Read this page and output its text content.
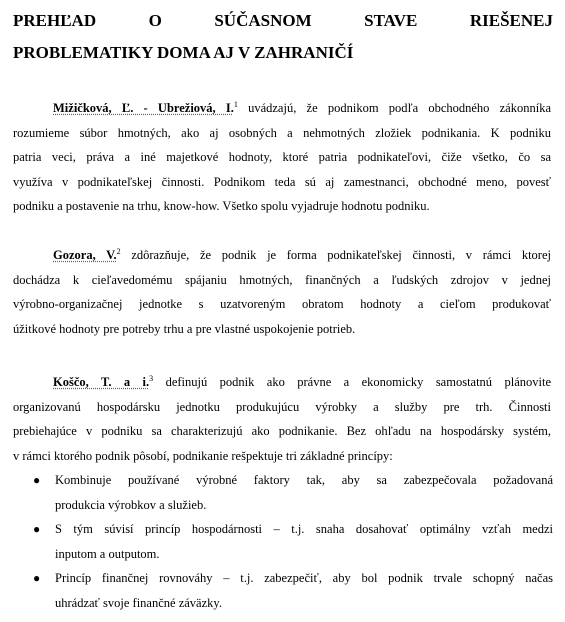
PREHĽAD O SÚČASNOM STAVE RIEŠENEJ
PROBLEMATIKY DOMA AJ V ZAHRANIČÍ
Mižičková, Ľ. - Ubrežiová, I.$^1$ uvádzajú, že podnikom podľa obchodného zákonníka
rozumieme súbor hmotných, ako aj osobných a nehmotných zložiek podnikania. K podniku
patria veci, práva a iné majetkové hodnoty, ktoré patria podnikateľovi, čiže všetko, čo sa
využíva v podnikateľskej činnosti. Podnikom teda sú aj zamestnanci, obchodné meno, povesť
podniku a postavenie na trhu, know-how. Všetko spolu vyjadruje hodnotu podniku.
Gozora, V.$^2$ zdôrazňuje, že podnik je forma podnikateľskej činnosti, v rámci ktorej
dochádza k cieľavedomému spájaniu hmotných, finančných a ľudských zdrojov v jednej
výrobno-organizačnej jednotke s uzatvoreným obratom hodnoty a cieľom produkovať
úžitkové hodnoty pre potreby trhu a pre vlastné uspokojenie potrieb.
Koščo, T. a i.$^3$ definujú podnik ako právne a ekonomicky samostatnú plánovite
organizovanú hospodársku jednotku produkujúcu výrobky a služby pre trh. Činnosti
prebiehajúce v podniku sa charakterizujú ako podnikanie. Bez ohľadu na hospodársky systém,
v rámci ktorého podnik pôsobí, podnikanie rešpektuje tri základné princípy:
● Kombinuje používané výrobné faktory tak, aby sa zabezpečovala požadovaná
produkcia výrobkov a služieb.
● S tým súvisí princíp hospodárnosti – t.j. snaha dosahovať optimálny vzťah medzi
inputom a outputom.
● Princíp finančnej rovnováhy – t.j. zabezpečiť, aby bol podnik trvale schopný načas
uhrádzať svoje finančné záväzky.
